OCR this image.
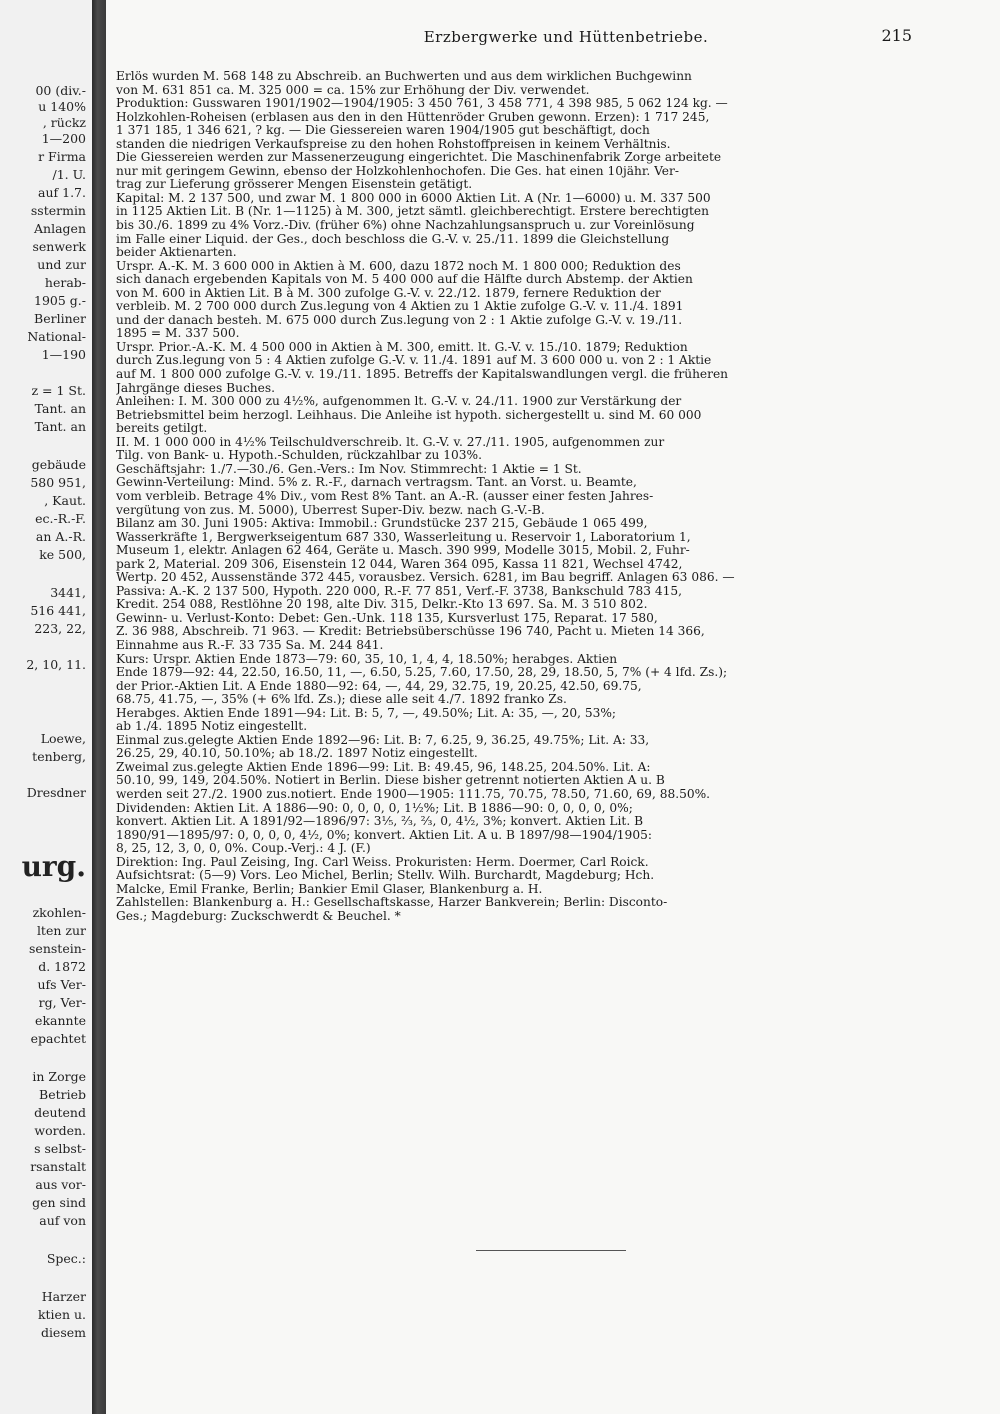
00 (div.-
u 140%
, rückz
1—200
r Firma
/1. U.
auf 1.7.
sstermin
Anlagen
senwerk
und zur
herab-
1905 g.-
Berliner
National-
1—190
z = 1 St.
Tant. an
Tant. an
gebäude
580 951,
, Kaut.
ec.-R.-F.
an A.-R.
ke 500,
3441,
516 441,
223, 22,
2, 10, 11.
Loewe,
tenberg,
Dresdner
urg.
zkohlen-
lten zur
senstein-
d. 1872
ufs Ver-
rg, Ver-
ekannte
epachtet
in Zorge
Betrieb
deutend
worden.
s selbst-
rsanstalt
aus vor-
gen sind
auf von
Spec.:
Harzer
ktien u.
diesem
Erzbergwerke und Hüttenbetriebe.	215
Erlös wurden M. 568 148 zu Abschreib. an Buchwerten und aus dem wirklichen Buchgewinn
von M. 631 851 ca. M. 325 000 = ca. 15% zur Erhöhung der Div. verwendet.
Produktion: Gusswaren 1901/1902—1904/1905: 3 450 761, 3 458 771, 4 398 985, 5 062 124 kg. —
Holzkohlen-Roheisen (erblasen aus den in den Hüttenröder Gruben gewonn. Erzen): 1 717 245,
1 371 185, 1 346 621, ? kg. — Die Giessereien waren 1904/1905 gut beschäftigt, doch
standen die niedrigen Verkaufspreise zu den hohen Rohstoffpreisen in keinem Verhältnis.
Die Giessereien werden zur Massenerzeugung eingerichtet. Die Maschinenfabrik Zorge arbeitete
nur mit geringem Gewinn, ebenso der Holzkohlenhochofen. Die Ges. hat einen 10jähr. Ver-
trag zur Lieferung grösserer Mengen Eisenstein getätigt.
Kapital: M. 2 137 500, und zwar M. 1 800 000 in 6000 Aktien Lit. A (Nr. 1—6000) u. M. 337 500
in 1125 Aktien Lit. B (Nr. 1—1125) à M. 300, jetzt sämtl. gleichberechtigt. Erstere berechtigten
bis 30./6. 1899 zu 4% Vorz.-Div. (früher 6%) ohne Nachzahlungsanspruch u. zur Voreinlösung
im Falle einer Liquid. der Ges., doch beschloss die G.-V. v. 25./11. 1899 die Gleichstellung
beider Aktienarten.
Urspr. A.-K. M. 3 600 000 in Aktien à M. 600, dazu 1872 noch M. 1 800 000; Reduktion des
sich danach ergebenden Kapitals von M. 5 400 000 auf die Hälfte durch Abstemp. der Aktien
von M. 600 in Aktien Lit. B à M. 300 zufolge G.-V. v. 22./12. 1879, fernere Reduktion der
verbleib. M. 2 700 000 durch Zus.legung von 4 Aktien zu 1 Aktie zufolge G.-V. v. 11./4. 1891
und der danach besteh. M. 675 000 durch Zus.legung von 2 : 1 Aktie zufolge G.-V. v. 19./11.
1895 = M. 337 500.
Urspr. Prior.-A.-K. M. 4 500 000 in Aktien à M. 300, emitt. lt. G.-V. v. 15./10. 1879; Reduktion
durch Zus.legung von 5 : 4 Aktien zufolge G.-V. v. 11./4. 1891 auf M. 3 600 000 u. von 2 : 1 Aktie
auf M. 1 800 000 zufolge G.-V. v. 19./11. 1895. Betreffs der Kapitalswandlungen vergl. die früheren
Jahrgänge dieses Buches.
Anleihen: I. M. 300 000 zu 4½%, aufgenommen lt. G.-V. v. 24./11. 1900 zur Verstärkung der
Betriebsmittel beim herzogl. Leihhaus. Die Anleihe ist hypoth. sichergestellt u. sind M. 60 000
bereits getilgt.
II. M. 1 000 000 in 4½% Teilschuldverschreib. lt. G.-V. v. 27./11. 1905, aufgenommen zur
Tilg. von Bank- u. Hypoth.-Schulden, rückzahlbar zu 103%.
Geschäftsjahr: 1./7.—30./6. Gen.-Vers.: Im Nov. Stimmrecht: 1 Aktie = 1 St.
Gewinn-Verteilung: Mind. 5% z. R.-F., darnach vertragsm. Tant. an Vorst. u. Beamte,
vom verbleib. Betrage 4% Div., vom Rest 8% Tant. an A.-R. (ausser einer festen Jahres-
vergütung von zus. M. 5000), Überrest Super-Div. bezw. nach G.-V.-B.
Bilanz am 30. Juni 1905: Aktiva: Immobil.: Grundstücke 237 215, Gebäude 1 065 499,
Wasserkräfte 1, Bergwerkseigentum 687 330, Wasserleitung u. Reservoir 1, Laboratorium 1,
Museum 1, elektr. Anlagen 62 464, Geräte u. Masch. 390 999, Modelle 3015, Mobil. 2, Fuhr-
park 2, Material. 209 306, Eisenstein 12 044, Waren 364 095, Kassa 11 821, Wechsel 4742,
Wertp. 20 452, Aussenstände 372 445, vorausbez. Versich. 6281, im Bau begriff. Anlagen 63 086. —
Passiva: A.-K. 2 137 500, Hypoth. 220 000, R.-F. 77 851, Verf.-F. 3738, Bankschuld 783 415,
Kredit. 254 088, Restlöhne 20 198, alte Div. 315, Delkr.-Kto 13 697. Sa. M. 3 510 802.
Gewinn- u. Verlust-Konto: Debet: Gen.-Unk. 118 135, Kursverlust 175, Reparat. 17 580,
Z. 36 988, Abschreib. 71 963. — Kredit: Betriebsüberschüsse 196 740, Pacht u. Mieten 14 366,
Einnahme aus R.-F. 33 735 Sa. M. 244 841.
Kurs: Urspr. Aktien Ende 1873—79: 60, 35, 10, 1, 4, 4, 18.50%; herabges. Aktien
Ende 1879—92: 44, 22.50, 16.50, 11, —, 6.50, 5.25, 7.60, 17.50, 28, 29, 18.50, 5, 7% (+ 4 lfd. Zs.);
der Prior.-Aktien Lit. A Ende 1880—92: 64, —, 44, 29, 32.75, 19, 20.25, 42.50, 69.75,
68.75, 41.75, —, 35% (+ 6% lfd. Zs.); diese alle seit 4./7. 1892 franko Zs.
Herabges. Aktien Ende 1891—94: Lit. B: 5, 7, —, 49.50%; Lit. A: 35, —, 20, 53%;
ab 1./4. 1895 Notiz eingestellt.
Einmal zus.gelegte Aktien Ende 1892—96: Lit. B: 7, 6.25, 9, 36.25, 49.75%; Lit. A: 33,
26.25, 29, 40.10, 50.10%; ab 18./2. 1897 Notiz eingestellt.
Zweimal zus.gelegte Aktien Ende 1896—99: Lit. B: 49.45, 96, 148.25, 204.50%. Lit. A:
50.10, 99, 149, 204.50%. Notiert in Berlin. Diese bisher getrennt notierten Aktien A u. B
werden seit 27./2. 1900 zus.notiert. Ende 1900—1905: 111.75, 70.75, 78.50, 71.60, 69, 88.50%.
Dividenden: Aktien Lit. A 1886—90: 0, 0, 0, 0, 1½%; Lit. B 1886—90: 0, 0, 0, 0, 0%;
konvert. Aktien Lit. A 1891/92—1896/97: 3⅕, ⅔, ⅔, 0, 4½, 3%; konvert. Aktien Lit. B
1890/91—1895/97: 0, 0, 0, 0, 4½, 0%; konvert. Aktien Lit. A u. B 1897/98—1904/1905:
8, 25, 12, 3, 0, 0, 0%. Coup.-Verj.: 4 J. (F.)
Direktion: Ing. Paul Zeising, Ing. Carl Weiss. Prokuristen: Herm. Doermer, Carl Roick.
Aufsichtsrat: (5—9) Vors. Leo Michel, Berlin; Stellv. Wilh. Burchardt, Magdeburg; Hch.
Malcke, Emil Franke, Berlin; Bankier Emil Glaser, Blankenburg a. H.
Zahlstellen: Blankenburg a. H.: Gesellschaftskasse, Harzer Bankverein; Berlin: Disconto-
Ges.; Magdeburg: Zuckschwerdt & Beuchel. *
